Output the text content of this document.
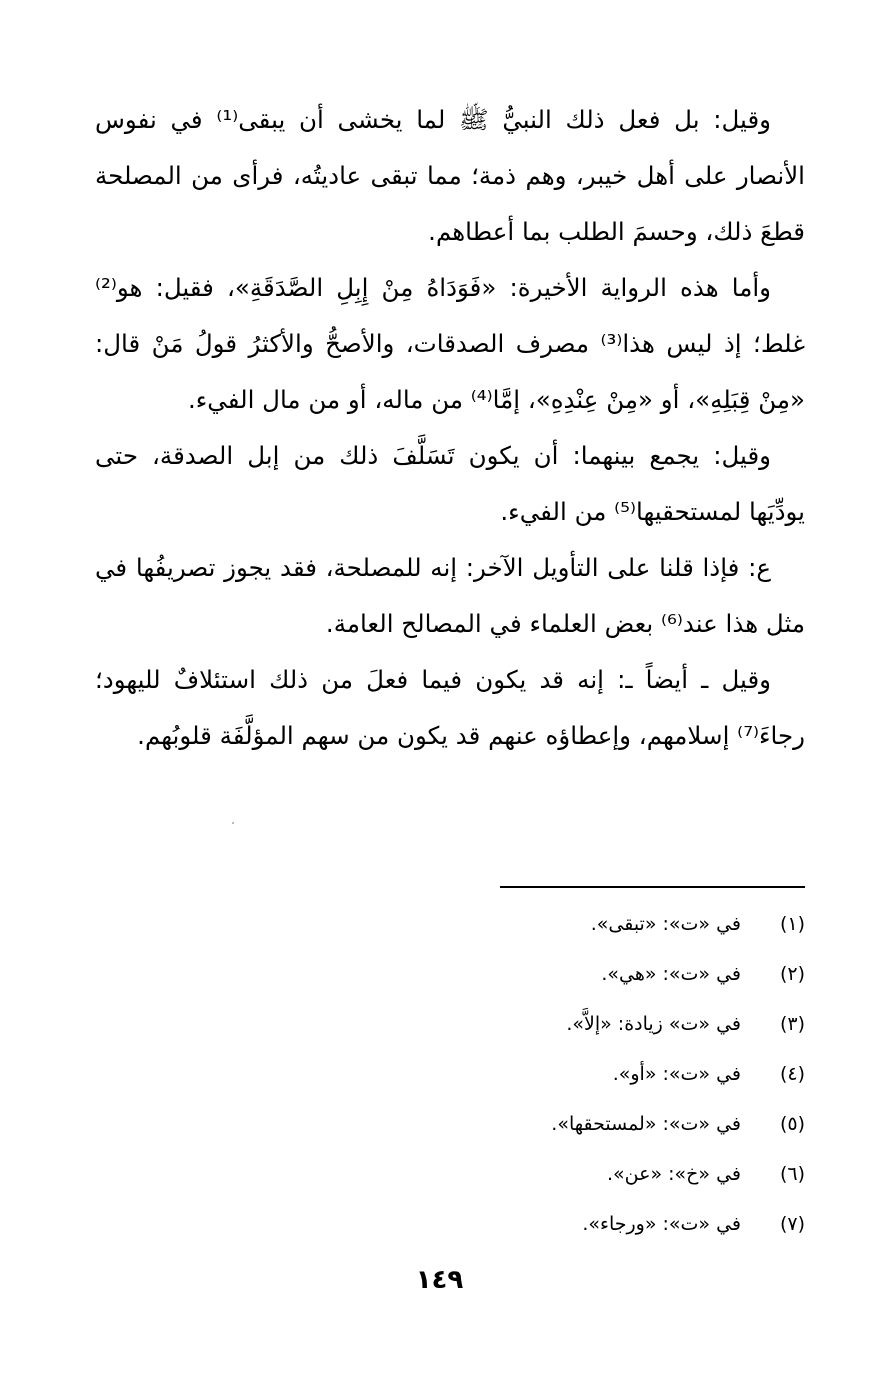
وقيل: بل فعل ذلك النبيُّ ﷺ لما يخشى أن يبقى⁽¹⁾ في نفوس الأنصار على أهل خيبر، وهم ذمة؛ مما تبقى عاديتُه، فرأى من المصلحة قطعَ ذلك، وحسمَ الطلب بما أعطاهم.

وأما هذه الرواية الأخيرة: «فَوَدَاهُ مِنْ إِبِلِ الصَّدَقَةِ»، فقيل: هو⁽²⁾ غلط؛ إذ ليس هذا⁽³⁾ مصرف الصدقات، والأصحُّ والأكثرُ قولُ مَنْ قال: «مِنْ قِبَلِهِ»، أو «مِنْ عِنْدِهِ»، إمَّا⁽⁴⁾ من ماله، أو من مال الفيء.

وقيل: يجمع بينهما: أن يكون تَسَلَّفَ ذلك من إبل الصدقة، حتى يودِّيَها لمستحقيها⁽⁵⁾ من الفيء.

ع: فإذا قلنا على التأويل الآخر: إنه للمصلحة، فقد يجوز تصريفُها في مثل هذا عند⁽⁶⁾ بعض العلماء في المصالح العامة.

وقيل ـ أيضاً ـ: إنه قد يكون فيما فعلَ من ذلك استئلافٌ لليهود؛ رجاءَ⁽⁷⁾ إسلامهم، وإعطاؤه عنهم قد يكون من سهم المؤلَّفَة قلوبُهم.

(١)
في «ت»: «تبقى».
(٢)
في «ت»: «هي».
(٣)
في «ت» زيادة: «إلاَّ».
(٤)
في «ت»: «أو».
(٥)
في «ت»: «لمستحقها».
(٦)
في «خ»: «عن».
(٧)
في «ت»: «ورجاء».
١٤٩
